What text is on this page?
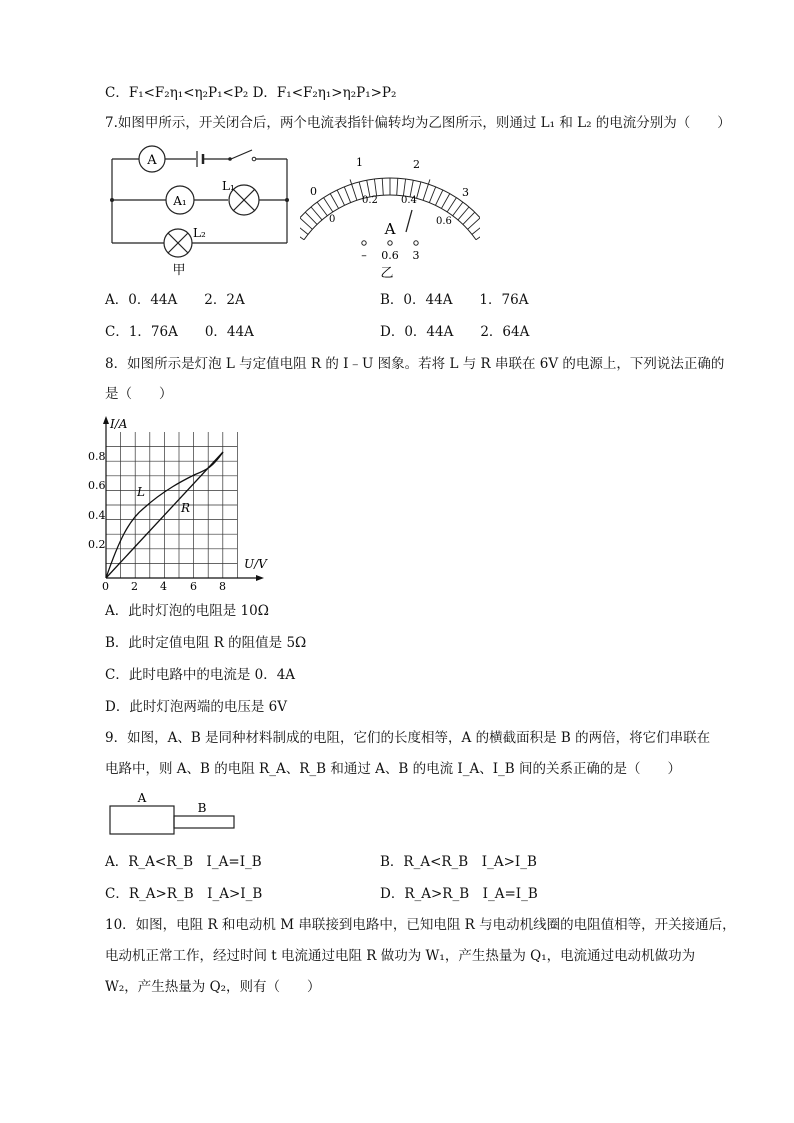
C．F₁<F₂η₁<η₂P₁<P₂ D．F₁<F₂η₁>η₂P₁>P₂
7.如图甲所示，开关闭合后，两个电流表指针偏转均为乙图所示，则通过 L₁ 和 L₂ 的电流分别为（　　）
A
A₁
L₁
L₂
甲
0
1	2
3
0
0.2 0.4
0.6
A
– 0.6 3
乙
A．0．44A　　2．2A	B．0．44A　　1．76A
C．1．76A　　0．44A	D．0．44A　　2．64A
8．如图所示是灯泡 L 与定值电阻 R 的 I﹣U 图象。若将 L 与 R 串联在 6V 的电源上，下列说法正确的
是（　　）
I/A
U/V
0.8
0.6
0.4
0.2
0 2 4 6 8
L
R
A．此时灯泡的电阻是 10Ω
B．此时定值电阻 R 的阻值是 5Ω
C．此时电路中的电流是 0．4A
D．此时灯泡两端的电压是 6V
9．如图，A、B 是同种材料制成的电阻，它们的长度相等，A 的横截面积是 B 的两倍，将它们串联在
电路中，则 A、B 的电阻 R_A、R_B 和通过 A、B 的电流 I_A、I_B 间的关系正确的是（　　）
A
B
A．R_A<R_B　I_A=I_B	B．R_A<R_B　I_A>I_B
C．R_A>R_B　I_A>I_B	D．R_A>R_B　I_A=I_B
10．如图，电阻 R 和电动机 M 串联接到电路中，已知电阻 R 与电动机线圈的电阻值相等，开关接通后，
电动机正常工作，经过时间 t 电流通过电阻 R 做功为 W₁，产生热量为 Q₁，电流通过电动机做功为
W₂，产生热量为 Q₂，则有（　　）
